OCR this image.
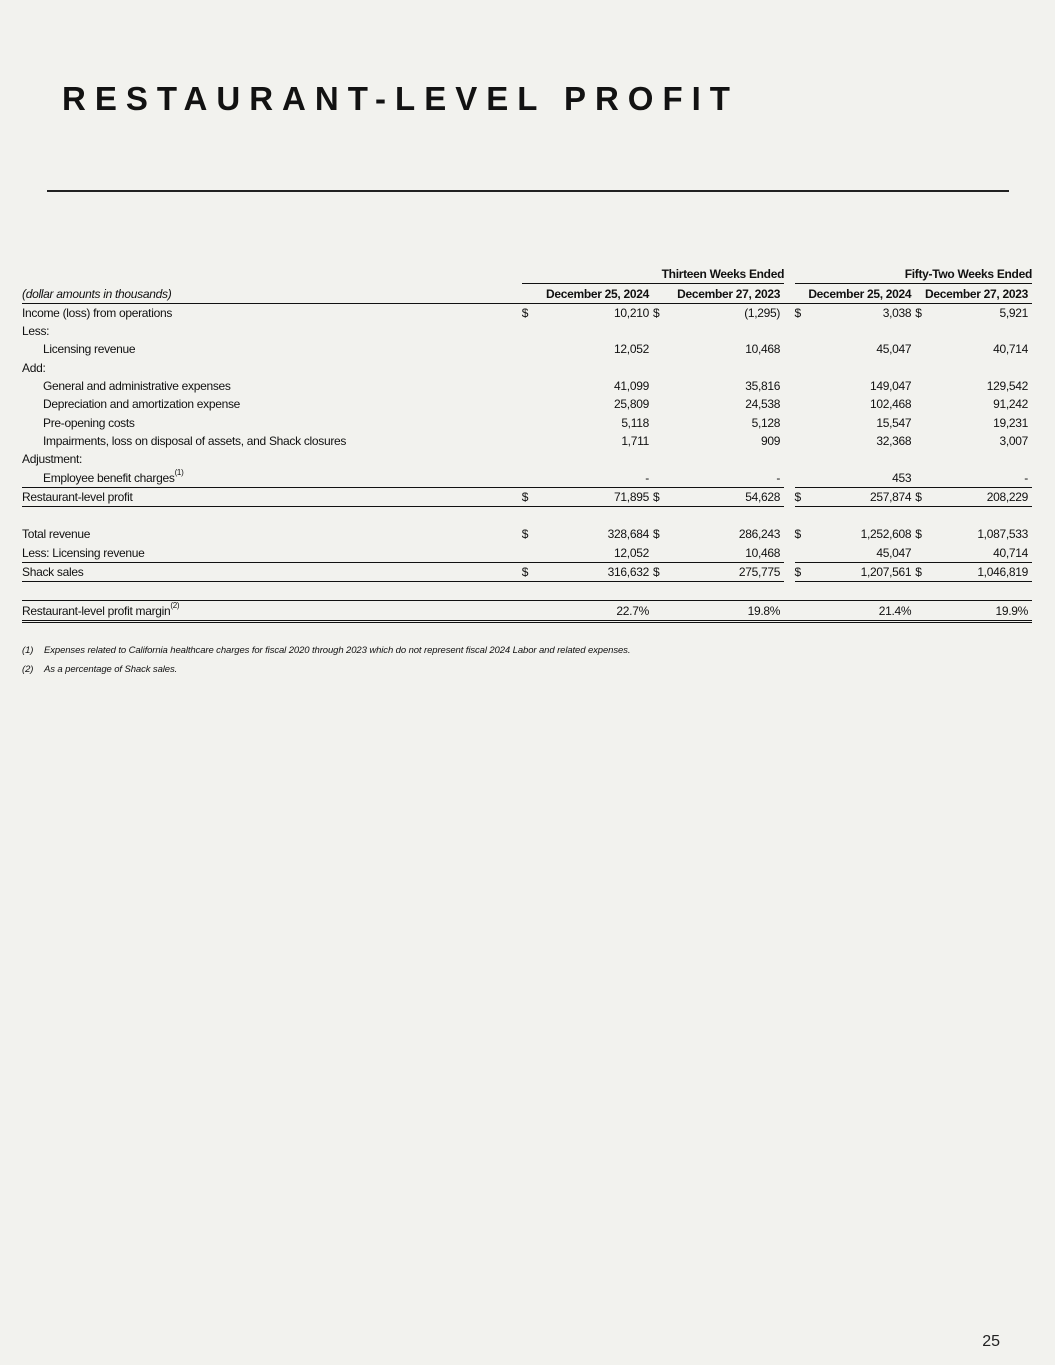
RESTAURANT-LEVEL PROFIT
	Thirteen Weeks Ended					Fifty-Two Weeks Ended			
(dollar amounts in thousands)	December 25, 2024		December 27, 2023			December 25, 2024		December 27, 2023	
Income (loss) from operations	$	10,210	$	(1,295)		$	3,038	$	5,921
Less:									
Licensing revenue		12,052		10,468			45,047		40,714
Add:									
General and administrative expenses		41,099		35,816			149,047		129,542
Depreciation and amortization expense		25,809		24,538			102,468		91,242
Pre-opening costs		5,118		5,128			15,547		19,231
Impairments, loss on disposal of assets, and Shack closures		1,711		909			32,368		3,007
Adjustment:									
Employee benefit charges$^{(1)}$		-		-			453		-
Restaurant-level profit	$	71,895	$	54,628		$	257,874	$	208,229

Total revenue	$	328,684	$	286,243		$	1,252,608	$	1,087,533
Less: Licensing revenue		12,052		10,468			45,047		40,714
Shack sales	$	316,632	$	275,775		$	1,207,561	$	1,046,819

Restaurant-level profit margin$^{(2)}$		22.7%		19.8%			21.4%		19.9%
(1) Expenses related to California healthcare charges for fiscal 2020 through 2023 which do not represent fiscal 2024 Labor and related expenses.
(2) As a percentage of Shack sales.
25
